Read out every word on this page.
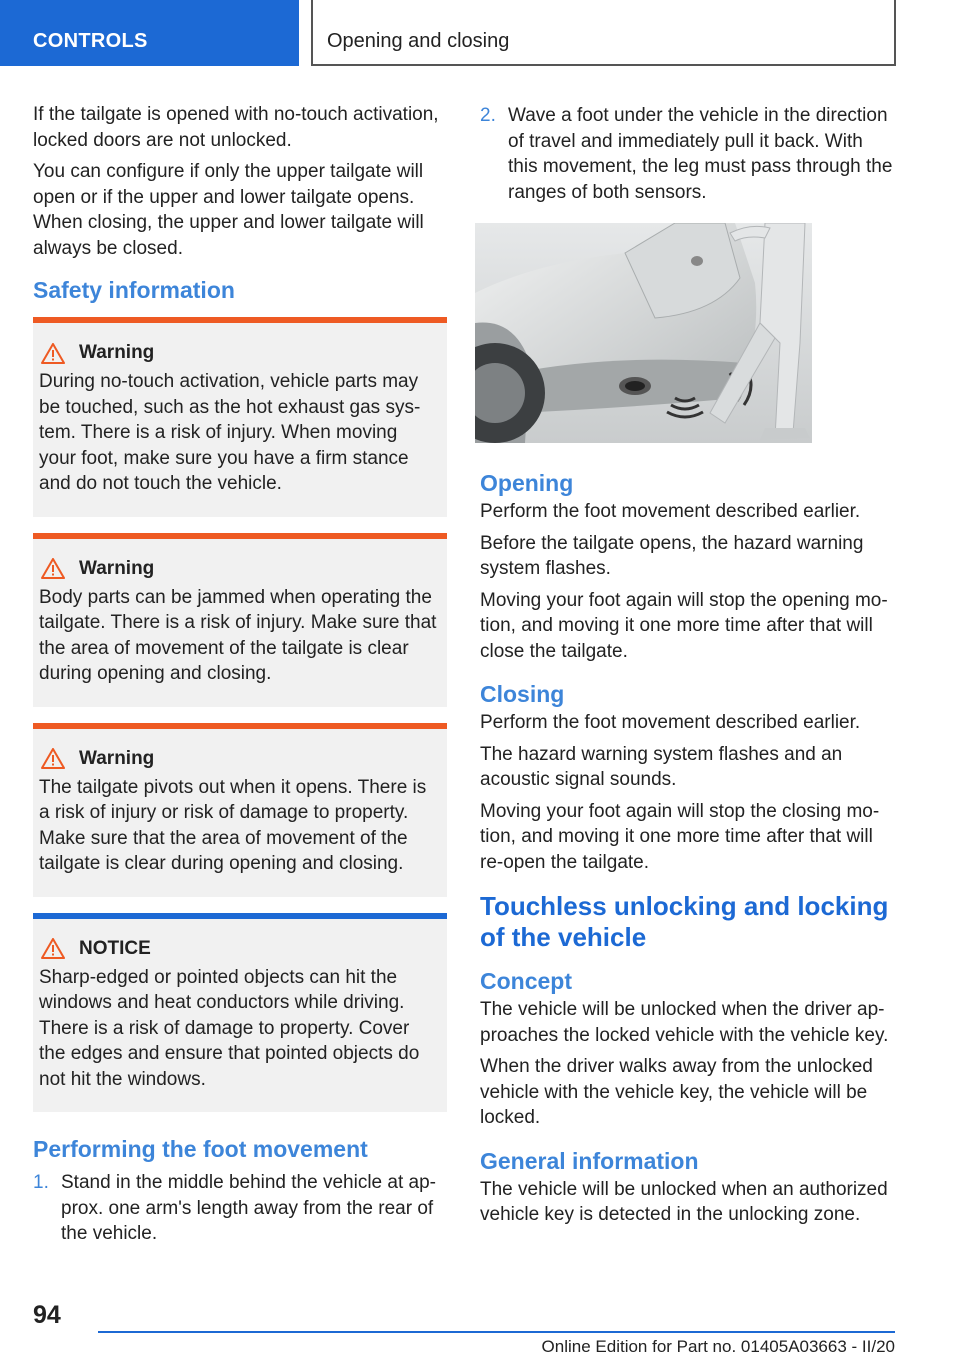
CONTROLS	Opening and closing

If the tailgate is opened with no-touch activation, locked doors are not unlocked.

You can configure if only the upper tailgate will open or if the upper and lower tailgate opens. When closing, the upper and lower tailgate will always be closed.

Safety information
Warning

During no-touch activation, vehicle parts may be touched, such as the hot exhaust gas sys‐tem. There is a risk of injury. When moving your foot, make sure you have a firm stance and do not touch the vehicle.

Warning

Body parts can be jammed when operating the tailgate. There is a risk of injury. Make sure that the area of movement of the tailgate is clear during opening and closing.

Warning

The tailgate pivots out when it opens. There is a risk of injury or risk of damage to property. Make sure that the area of movement of the tailgate is clear during opening and closing.

NOTICE

Sharp-edged or pointed objects can hit the windows and heat conductors while driving. There is a risk of damage to property. Cover the edges and ensure that pointed objects do not hit the windows.

Performing the foot movement
1. Stand in the middle behind the vehicle at ap‐prox. one arm's length away from the rear of the vehicle.
2. Wave a foot under the vehicle in the direction of travel and immediately pull it back. With this movement, the leg must pass through the ranges of both sensors.
Opening

Perform the foot movement described earlier.

Before the tailgate opens, the hazard warning system flashes.

Moving your foot again will stop the opening mo‐tion, and moving it one more time after that will close the tailgate.

Closing

Perform the foot movement described earlier.

The hazard warning system flashes and an acoustic signal sounds.

Moving your foot again will stop the closing mo‐tion, and moving it one more time after that will re-open the tailgate.

Touchless unlocking and locking of the vehicle
Concept

The vehicle will be unlocked when the driver ap‐proaches the locked vehicle with the vehicle key.

When the driver walks away from the unlocked vehicle with the vehicle key, the vehicle will be locked.

General information

The vehicle will be unlocked when an authorized vehicle key is detected in the unlocking zone.

94
Online Edition for Part no. 01405A03663 - II/20
